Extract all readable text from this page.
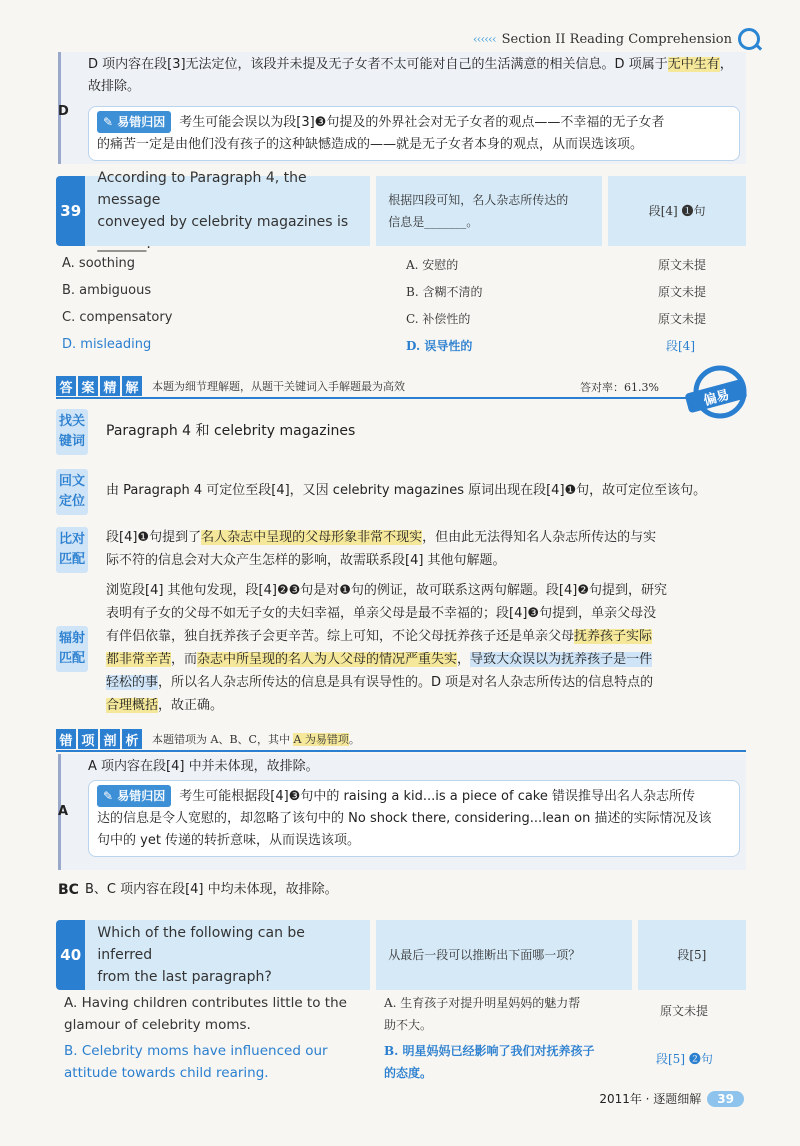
‹‹‹‹‹‹ Section II Reading Comprehension
D
D 项内容在段[3]无法定位，该段并未提及无子女者不太可能对自己的生活满意的相关信息。D 项属于无中生有，故排除。
✎ 易错归因 考生可能会误以为段[3]❸句提及的外界社会对无子女者的观点——不幸福的无子女者
的痛苦一定是由他们没有孩子的这种缺憾造成的——就是无子女者本身的观点，从而误选该项。
39
According to Paragraph 4, the message
conveyed by celebrity magazines is _______.
根据四段可知，名人杂志所传达的
信息是_______。
段[4] ❶句
A. soothing	A. 安慰的	原文未提
B. ambiguous	B. 含糊不清的	原文未提
C. compensatory	C. 补偿性的	原文未提
D. misleading	D. 误导性的	段[4]
答 案 精 解	本题为细节理解题，从题干关键词入手解题最为高效	答对率：61.3%
偏易
找关
键词
Paragraph 4 和 celebrity magazines
回文
定位
由 Paragraph 4 可定位至段[4]，又因 celebrity magazines 原词出现在段[4]❶句，故可定位至该句。
比对
匹配
段[4]❶句提到了名人杂志中呈现的父母形象非常不现实，但由此无法得知名人杂志所传达的与实
际不符的信息会对大众产生怎样的影响，故需联系段[4] 其他句解题。
辐射
匹配
浏览段[4] 其他句发现，段[4]❷❸句是对❶句的例证，故可联系这两句解题。段[4]❷句提到，研究
表明有子女的父母不如无子女的夫妇幸福，单亲父母是最不幸福的；段[4]❸句提到，单亲父母没
有伴侣依靠，独自抚养孩子会更辛苦。综上可知，不论父母抚养孩子还是单亲父母抚养孩子实际
都非常辛苦，而杂志中所呈现的名人为人父母的情况严重失实，导致大众误以为抚养孩子是一件
轻松的事，所以名人杂志所传达的信息是具有误导性的。D 项是对名人杂志所传达的信息特点的
合理概括，故正确。
错 项 剖 析	本题错项为 A、B、C，其中 A 为易错项。
A
A 项内容在段[4] 中并未体现，故排除。
✎ 易错归因 考生可能根据段[4]❸句中的 raising a kid...is a piece of cake 错误推导出名人杂志所传
达的信息是令人宽慰的，却忽略了该句中的 No shock there, considering...lean on 描述的实际情况及该
句中的 yet 传递的转折意味，从而误选该项。
BC B、C 项内容在段[4] 中均未体现，故排除。
40
Which of the following can be inferred
from the last paragraph?
从最后一段可以推断出下面哪一项？	段[5]
A. Having children contributes little to the
glamour of celebrity moms.
A. 生育孩子对提升明星妈妈的魅力帮
助不大。
原文未提
B. Celebrity moms have influenced our
attitude towards child rearing.
B. 明星妈妈已经影响了我们对抚养孩子
的态度。
段[5] ❷句
2011年 · 逐题细解	39
